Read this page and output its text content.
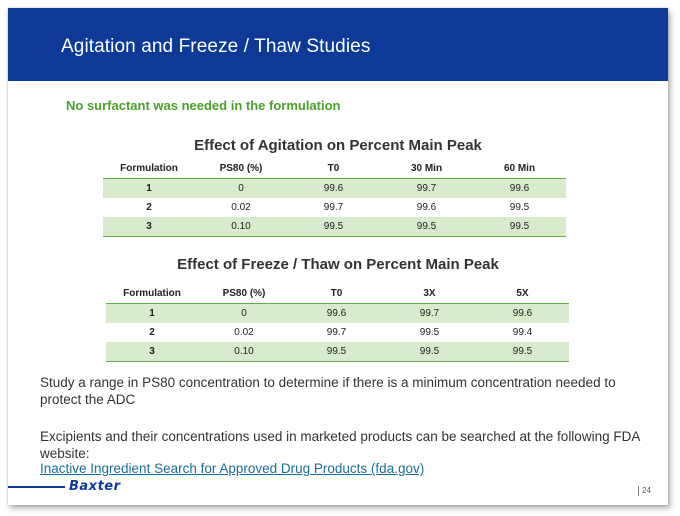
Agitation and Freeze / Thaw Studies
No surfactant was needed in the formulation
Effect of Agitation on Percent Main Peak
Formulation	PS80 (%)	T0	30 Min	60 Min
1	0	99.6	99.7	99.6
2	0.02	99.7	99.6	99.5
3	0.10	99.5	99.5	99.5
Effect of Freeze / Thaw on Percent Main Peak
Formulation	PS80 (%)	T0	3X	5X
1	0	99.6	99.7	99.6
2	0.02	99.7	99.5	99.4
3	0.10	99.5	99.5	99.5
Study a range in PS80 concentration to determine if there is a minimum concentration needed to protect the ADC
Excipients and their concentrations used in marketed products can be searched at the following FDA website:
Inactive Ingredient Search for Approved Drug Products (fda.gov)
Baxter	24
